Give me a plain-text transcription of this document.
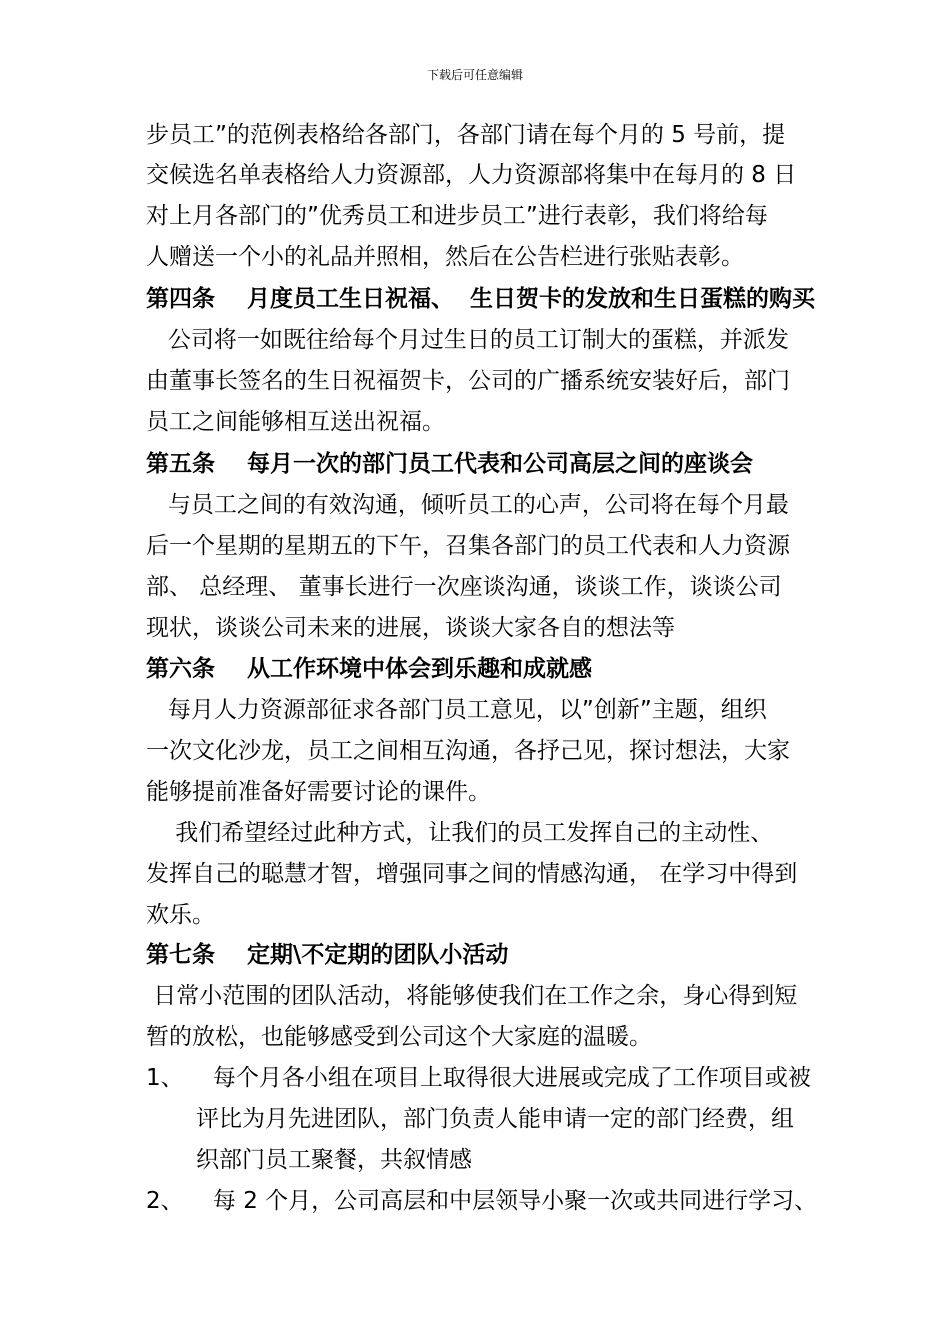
下载后可任意编辑
步员工”的范例表格给各部门，各部门请在每个月的 5 号前，提
交候选名单表格给人力资源部，人力资源部将集中在每月的 8 日
对上月各部门的”优秀员工和进步员工”进行表彰，我们将给每
人赠送一个小的礼品并照相，然后在公告栏进行张贴表彰。
第四条    月度员工生日祝福、  生日贺卡的发放和生日蛋糕的购买
公司将一如既往给每个月过生日的员工订制大的蛋糕，并派发
由董事长签名的生日祝福贺卡，公司的广播系统安装好后，部门
员工之间能够相互送出祝福。
第五条    每月一次的部门员工代表和公司高层之间的座谈会
与员工之间的有效沟通，倾听员工的心声，公司将在每个月最
后一个星期的星期五的下午，召集各部门的员工代表和人力资源
部、 总经理、 董事长进行一次座谈沟通，谈谈工作，谈谈公司
现状，谈谈公司未来的进展，谈谈大家各自的想法等
第六条    从工作环境中体会到乐趣和成就感
每月人力资源部征求各部门员工意见，以”创新”主题，组织
一次文化沙龙，员工之间相互沟通，各抒己见，探讨想法，大家
能够提前准备好需要讨论的课件。
我们希望经过此种方式，让我们的员工发挥自己的主动性、
发挥自己的聪慧才智，增强同事之间的情感沟通， 在学习中得到
欢乐。
第七条    定期\不定期的团队小活动
日常小范围的团队活动，将能够使我们在工作之余，身心得到短
暂的放松，也能够感受到公司这个大家庭的温暖。
1、    每个月各小组在项目上取得很大进展或完成了工作项目或被
评比为月先进团队，部门负责人能申请一定的部门经费，组
织部门员工聚餐，共叙情感
2、    每 2 个月，公司高层和中层领导小聚一次或共同进行学习、
